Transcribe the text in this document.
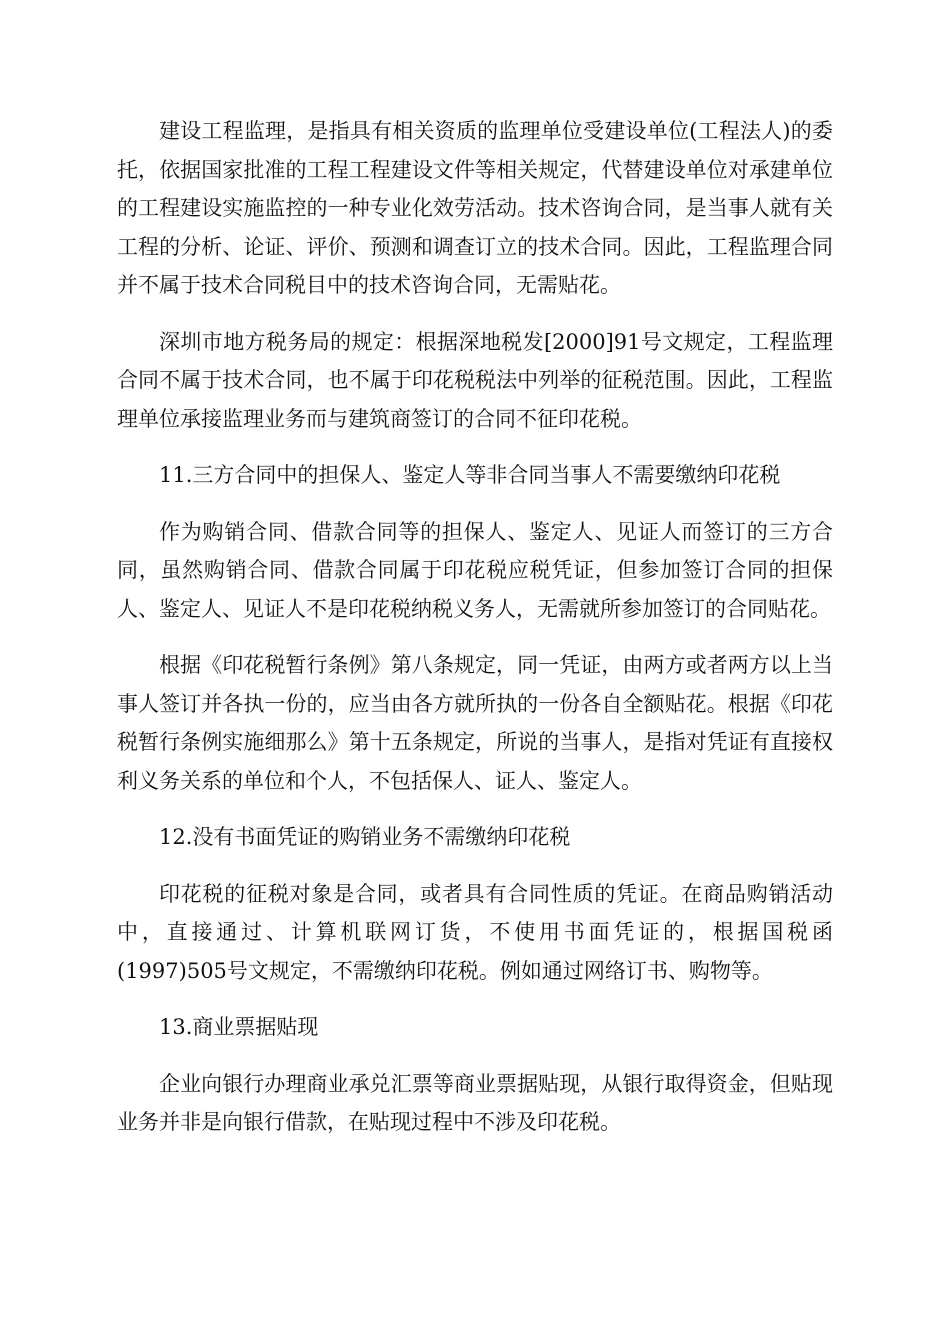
建设工程监理，是指具有相关资质的监理单位受建设单位(工程法人)的委托，依据国家批准的工程工程建设文件等相关规定，代替建设单位对承建单位的工程建设实施监控的一种专业化效劳活动。技术咨询合同，是当事人就有关工程的分析、论证、评价、预测和调查订立的技术合同。因此，工程监理合同并不属于技术合同税目中的技术咨询合同，无需贴花。

深圳市地方税务局的规定：根据深地税发[2000]91号文规定，工程监理合同不属于技术合同，也不属于印花税税法中列举的征税范围。因此，工程监理单位承接监理业务而与建筑商签订的合同不征印花税。

11.三方合同中的担保人、鉴定人等非合同当事人不需要缴纳印花税

作为购销合同、借款合同等的担保人、鉴定人、见证人而签订的三方合同，虽然购销合同、借款合同属于印花税应税凭证，但参加签订合同的担保人、鉴定人、见证人不是印花税纳税义务人，无需就所参加签订的合同贴花。

根据《印花税暂行条例》第八条规定，同一凭证，由两方或者两方以上当事人签订并各执一份的，应当由各方就所执的一份各自全额贴花。根据《印花税暂行条例实施细那么》第十五条规定，所说的当事人，是指对凭证有直接权利义务关系的单位和个人，不包括保人、证人、鉴定人。

12.没有书面凭证的购销业务不需缴纳印花税

印花税的征税对象是合同，或者具有合同性质的凭证。在商品购销活动中，直接通过、计算机联网订货，不使用书面凭证的，根据国税函(1997)505号文规定，不需缴纳印花税。例如通过网络订书、购物等。

13.商业票据贴现

企业向银行办理商业承兑汇票等商业票据贴现，从银行取得资金，但贴现业务并非是向银行借款，在贴现过程中不涉及印花税。
